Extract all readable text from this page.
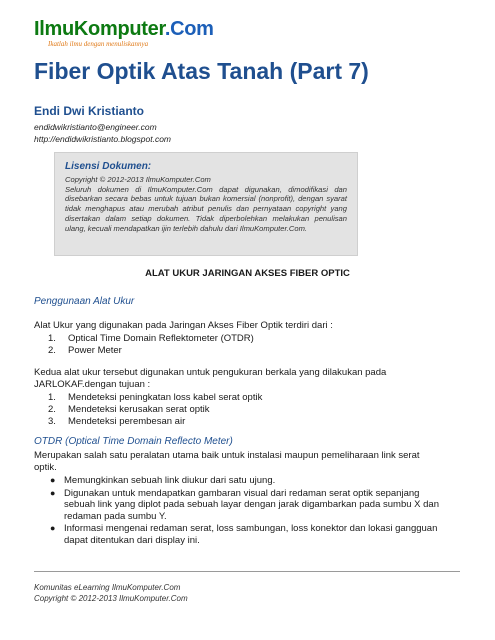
IlmuKomputer.Com
Ikatlah ilmu dengan menuliskannya
Fiber Optik Atas Tanah (Part 7)
Endi Dwi Kristianto
endidwikristianto@engineer.com
http://endidwikristianto.blogspot.com
Lisensi Dokumen:
Copyright © 2012-2013 IlmuKomputer.Com
Seluruh dokumen di IlmuKomputer.Com dapat digunakan, dimodifikasi dan disebarkan secara bebas untuk tujuan bukan komersial (nonprofit), dengan syarat tidak menghapus atau merubah atribut penulis dan pernyataan copyright yang disertakan dalam setiap dokumen. Tidak diperbolehkan melakukan penulisan ulang, kecuali mendapatkan ijin terlebih dahulu dari IlmuKomputer.Com.
ALAT UKUR JARINGAN AKSES FIBER OPTIC
Penggunaan Alat Ukur
Alat Ukur yang digunakan pada Jaringan Akses Fiber Optik terdiri dari :
1.	Optical Time Domain Reflektometer (OTDR)
2.	Power Meter
Kedua alat ukur tersebut digunakan untuk pengukuran berkala yang dilakukan pada JARLOKAF.dengan tujuan :
1.	Mendeteksi peningkatan loss kabel serat optik
2.	Mendeteksi kerusakan serat optik
3.	Mendeteksi perembesan air
OTDR (Optical Time Domain Reflecto Meter)
Merupakan salah satu peralatan utama baik untuk instalasi maupun pemeliharaan link serat optik.
● Memungkinkan sebuah link diukur dari satu ujung.
● Digunakan untuk mendapatkan gambaran visual dari redaman serat optik sepanjang sebuah link yang diplot pada sebuah layar dengan jarak digambarkan pada sumbu X dan redaman pada sumbu Y.
● Informasi mengenai redaman serat, loss sambungan, loss konektor dan lokasi gangguan dapat ditentukan dari display ini.
Komunitas eLearning IlmuKomputer.Com
Copyright © 2012-2013 IlmuKomputer.Com
